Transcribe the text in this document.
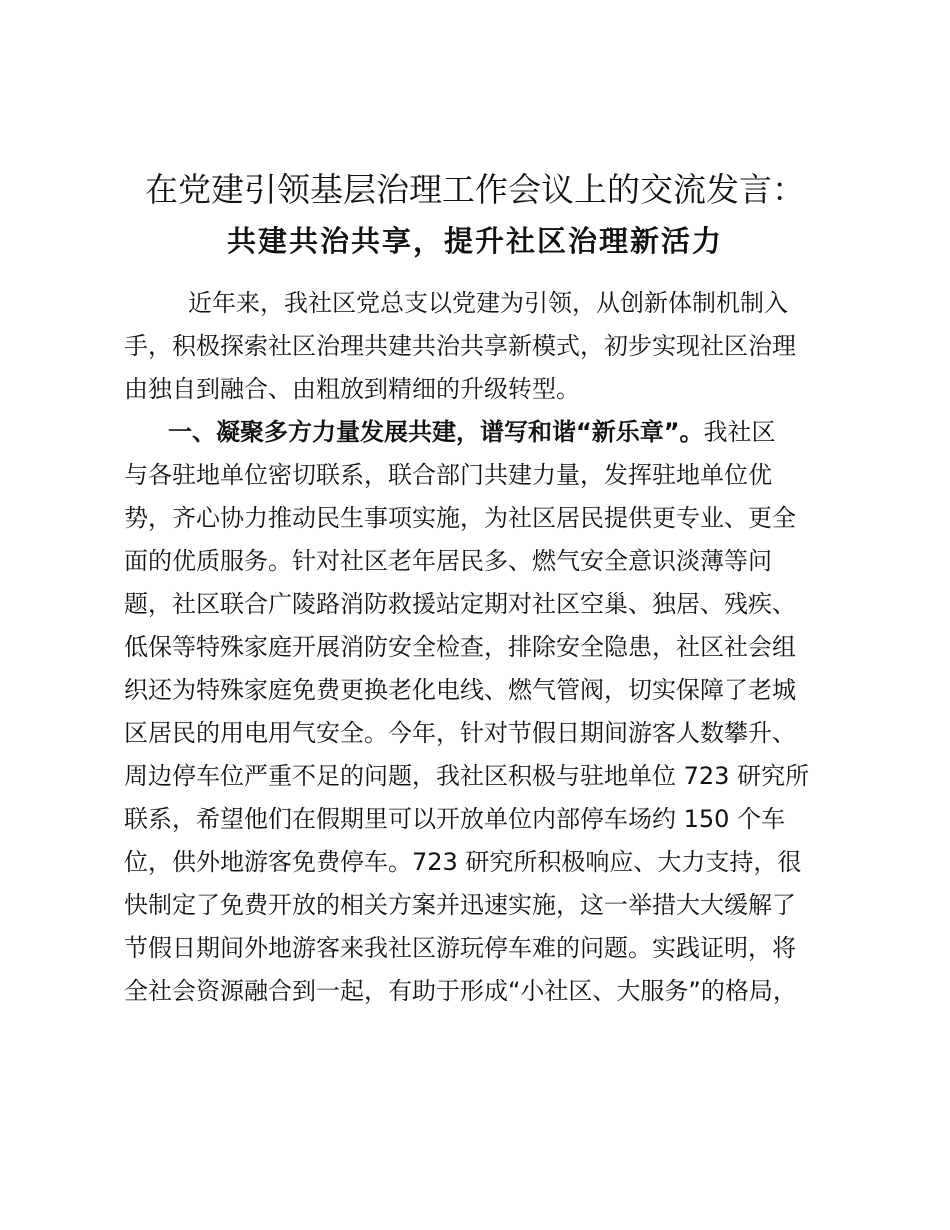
在党建引领基层治理工作会议上的交流发言：
共建共治共享，提升社区治理新活力
近年来，我社区党总支以党建为引领，从创新体制机制入
手，积极探索社区治理共建共治共享新模式，初步实现社区治理
由独自到融合、由粗放到精细的升级转型。
一、凝聚多方力量发展共建，谱写和谐“新乐章”。我社区
与各驻地单位密切联系，联合部门共建力量，发挥驻地单位优
势，齐心协力推动民生事项实施，为社区居民提供更专业、更全
面的优质服务。针对社区老年居民多、燃气安全意识淡薄等问
题，社区联合广陵路消防救援站定期对社区空巢、独居、残疾、
低保等特殊家庭开展消防安全检查，排除安全隐患，社区社会组
织还为特殊家庭免费更换老化电线、燃气管阀，切实保障了老城
区居民的用电用气安全。今年，针对节假日期间游客人数攀升、
周边停车位严重不足的问题，我社区积极与驻地单位 723 研究所
联系，希望他们在假期里可以开放单位内部停车场约 150 个车
位，供外地游客免费停车。723 研究所积极响应、大力支持，很
快制定了免费开放的相关方案并迅速实施，这一举措大大缓解了
节假日期间外地游客来我社区游玩停车难的问题。实践证明，将
全社会资源融合到一起，有助于形成“小社区、大服务”的格局，
